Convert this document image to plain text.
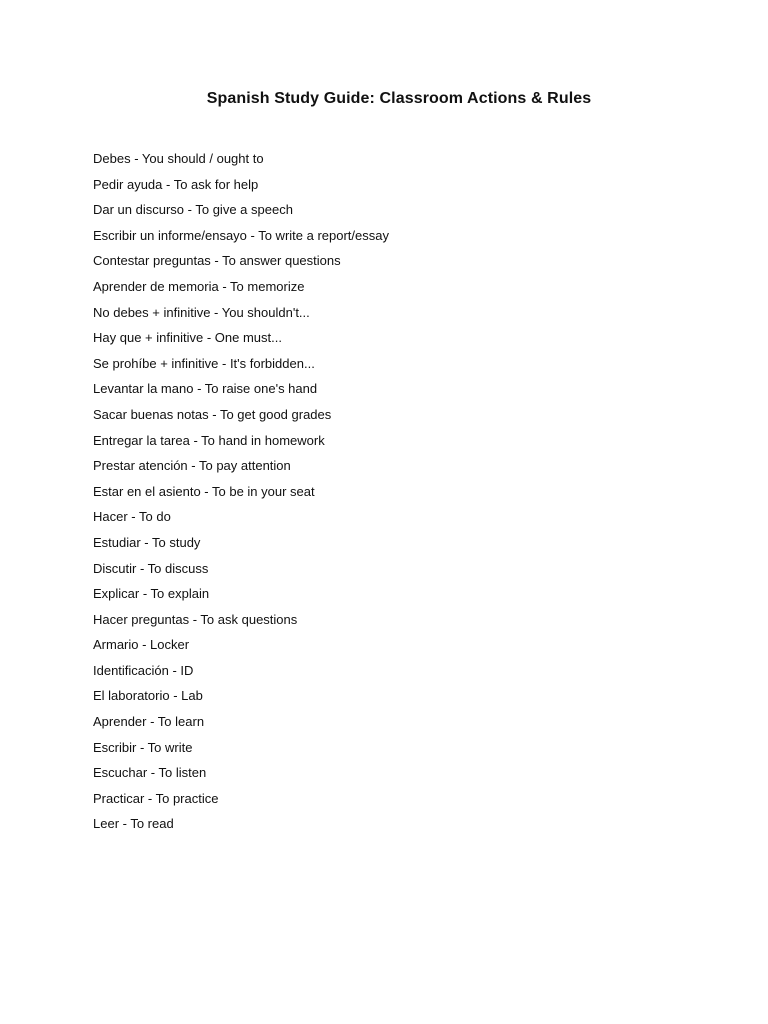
Spanish Study Guide: Classroom Actions & Rules
Debes - You should / ought to
Pedir ayuda - To ask for help
Dar un discurso - To give a speech
Escribir un informe/ensayo - To write a report/essay
Contestar preguntas - To answer questions
Aprender de memoria - To memorize
No debes + infinitive - You shouldn't...
Hay que + infinitive - One must...
Se prohíbe + infinitive - It's forbidden...
Levantar la mano - To raise one's hand
Sacar buenas notas - To get good grades
Entregar la tarea - To hand in homework
Prestar atención - To pay attention
Estar en el asiento - To be in your seat
Hacer - To do
Estudiar - To study
Discutir - To discuss
Explicar - To explain
Hacer preguntas - To ask questions
Armario - Locker
Identificación - ID
El laboratorio - Lab
Aprender - To learn
Escribir - To write
Escuchar - To listen
Practicar - To practice
Leer - To read
